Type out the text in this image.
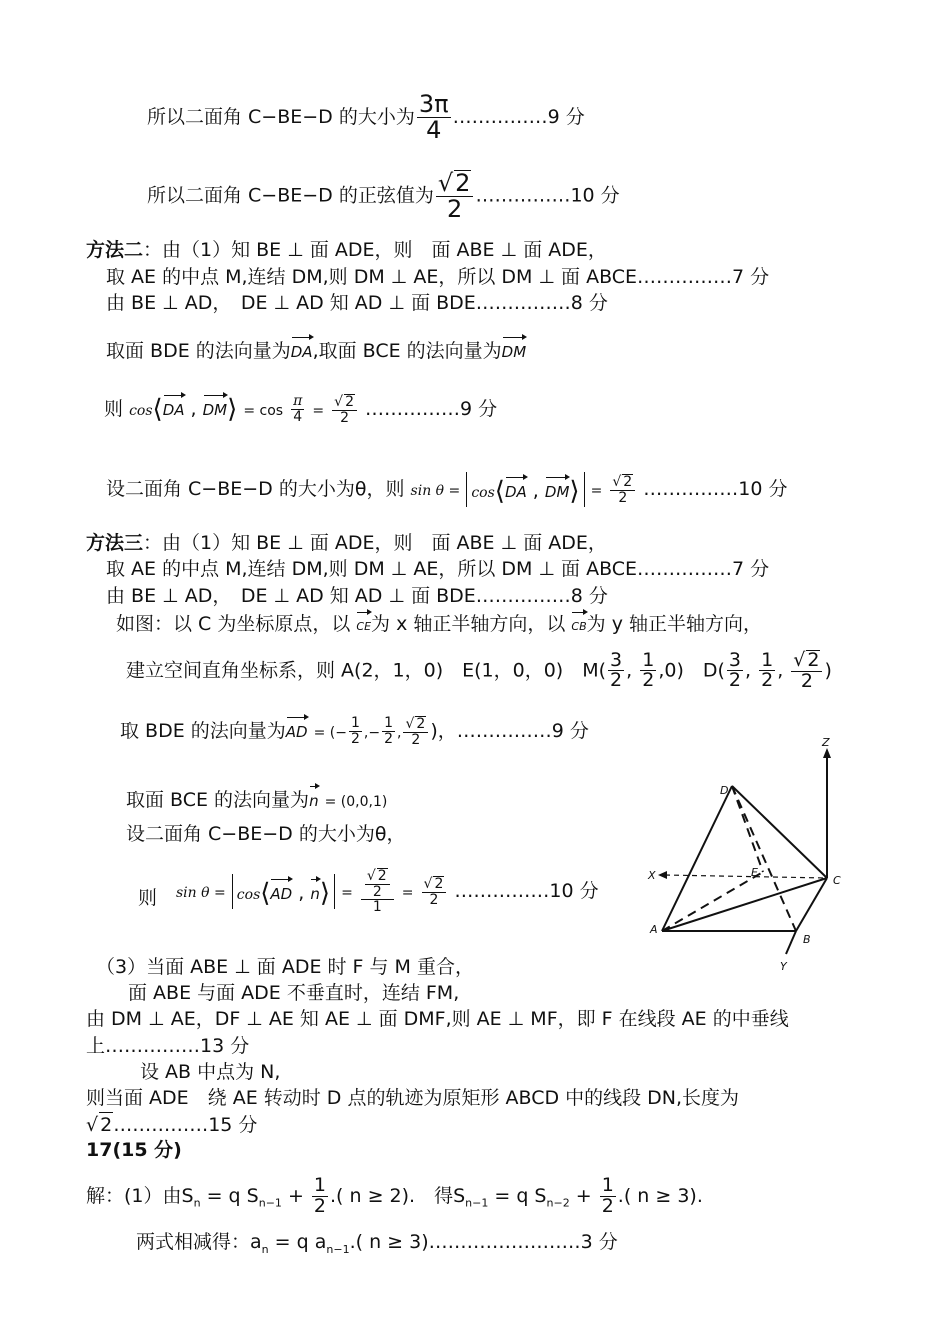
所以二面角 C−BE−D 的大小为 $\frac{3\pi}{4}$ ……………9 分
所以二面角 C−BE−D 的正弦值为 $\frac{√2}{2}$ ……………10 分
方法二：由（1）知 BE ⊥ 面 ADE，则　面 ABE ⊥ 面 ADE，
取 AE 的中点 M,连结 DM,则 DM ⊥ AE，所以 DM ⊥ 面 ABCE……………7 分
由 BE ⊥ AD，　DE ⊥ AD 知 AD ⊥ 面 BDE……………8 分
取面 BDE 的法向量为DA,取面 BCE 的法向量为DM
则 cos⟨DA , DM⟩ = $\cos \frac{\pi}{4} = \frac{√ 2}{2}$ ……………9 分
设二面角 C−BE−D 的大小为θ，则 sin θ = cos⟨DA , DM⟩ = $\frac{√ 2}{2}$ ……………10 分
方法三：由（1）知 BE ⊥ 面 ADE，则　面 ABE ⊥ 面 ADE，
取 AE 的中点 M,连结 DM,则 DM ⊥ AE，所以 DM ⊥ 面 ABCE……………7 分
由 BE ⊥ AD，　DE ⊥ AD 知 AD ⊥ 面 BDE……………8 分
如图：以 C 为坐标原点，以 CE为 x 轴正半轴方向，以 CB为 y 轴正半轴方向，
建立空间直角坐标系，则 A(2，1，0)　E(1，0，0)　$M( \frac{3}{2}$ , $\frac{1}{2} ,0$)　$D( \frac{3}{2}$ , $\frac{1}{2}$ , $\frac{√ 2}{2}$ )
取 BDE 的法向量为AD = (− $\frac{1}{2}$ ,− $\frac{1}{2}$ , $\frac{√ 2}{2}$ )，……………9 分
取面 BCE 的法向量为n = (0,0,1)
设二面角 C−BE−D 的大小为θ，
则 sin θ = cos⟨AD , n⟩ = $\frac{\frac{√ 2}{2}}{1} = \frac{√ 2}{2}$ ……………10 分
Z
D
X	E
C
A
B
Y
（3）当面 ABE ⊥ 面 ADE 时 F 与 M 重合，
面 ABE 与面 ADE 不垂直时，连结 FM,
由 DM ⊥ AE，DF ⊥ AE 知 AE ⊥ 面 DMF,则 AE ⊥ MF，即 F 在线段 AE 的中垂线
上……………13 分
设 AB 中点为 N,
则当面 ADE　绕 AE 转动时 D 点的轨迹为原矩形 ABCD 中的线段 DN,长度为
√ 2……………15 分
17(15 分)
解：(1）由$S_n = q$ $S_{n-1} + \frac{1}{2}$ .( n ≥ 2).　得$S_{n-1} = q$ $S_{n-2} + \frac{1}{2}$ .( n ≥ 3).
两式相减得：$a_n = q$ $a_{n-1}$.( n ≥ 3)……………………3 分
